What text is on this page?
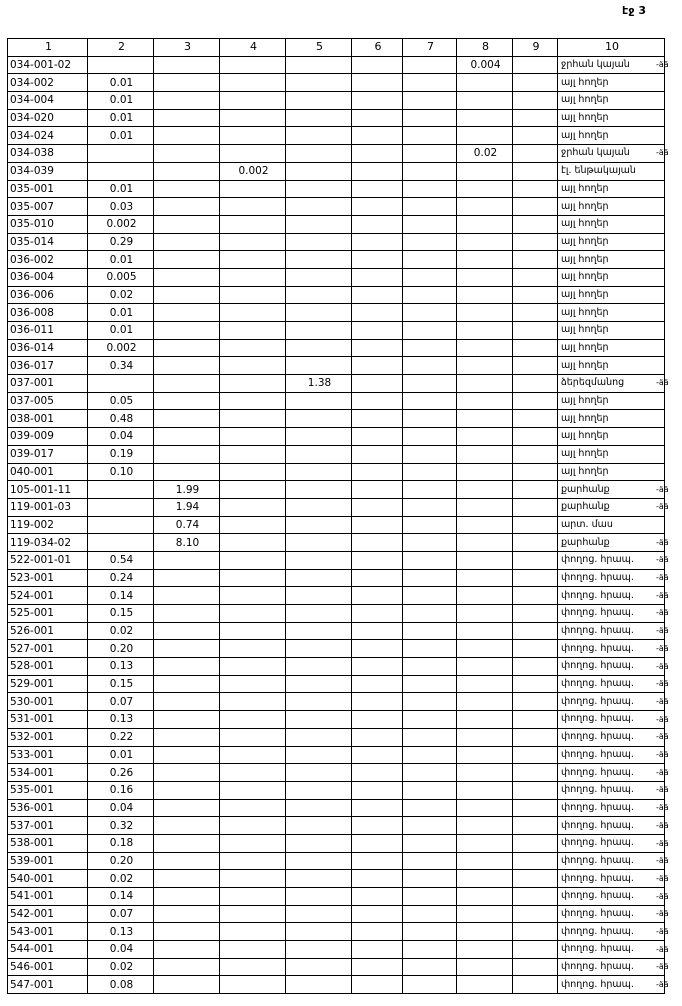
էջ 3
1	2	3	4	5	6	7	8	9	10
034-001-02							0.004		ջրհան կայան
034-002	0.01								այլ հողեր
034-004	0.01								այլ հողեր
034-020	0.01								այլ հողեր
034-024	0.01								այլ հողեր
034-038							0.02		ջրհան կայան
034-039			0.002						էլ. ենթակայան
035-001	0.01								այլ հողեր
035-007	0.03								այլ հողեր
035-010	0.002								այլ հողեր
035-014	0.29								այլ հողեր
036-002	0.01								այլ հողեր
036-004	0.005								այլ հողեր
036-006	0.02								այլ հողեր
036-008	0.01								այլ հողեր
036-011	0.01								այլ հողեր
036-014	0.002								այլ հողեր
036-017	0.34								այլ հողեր
037-001				1.38					ձերեզմանոց
037-005	0.05								այլ հողեր
038-001	0.48								այլ հողեր
039-009	0.04								այլ հողեր
039-017	0.19								այլ հողեր
040-001	0.10								այլ հողեր
105-001-11		1.99							քարհանք
119-001-03		1.94							քարհանք
119-002		0.74							արտ. մաս
119-034-02		8.10							քարհանք
522-001-01	0.54								փողոց. հրապ.
523-001	0.24								փողոց. հրապ.
524-001	0.14								փողոց. հրապ.
525-001	0.15								փողոց. հրապ.
526-001	0.02								փողոց. հրապ.
527-001	0.20								փողոց. հրապ.
528-001	0.13								փողոց. հրապ.
529-001	0.15								փողոց. հրապ.
530-001	0.07								փողոց. հրապ.
531-001	0.13								փողոց. հրապ.
532-001	0.22								փողոց. հրապ.
533-001	0.01								փողոց. հրապ.
534-001	0.26								փողոց. հրապ.
535-001	0.16								փողոց. հրապ.
536-001	0.04								փողոց. հրապ.
537-001	0.32								փողոց. հրապ.
538-001	0.18								փողոց. հրապ.
539-001	0.20								փողոց. հրապ.
540-001	0.02								փողոց. հրապ.
541-001	0.14								փողոց. հրապ.
542-001	0.07								փողոց. հրապ.
543-001	0.13								փողոց. հրապ.
544-001	0.04								փողոց. հրապ.
546-001	0.02								փողոց. հրապ.
547-001	0.08								փողոց. հրապ.
-ää
-ää
-ää
-ää
-ää
-ää
-ää
-ää
-ää
-ää
-ää
-ää
-ää
-ää
-ää
-ää
-ää
-ää
-ää
-ää
-ää
-ää
-ää
-ää
-ää
-ää
-ää
-ää
-ää
-ää
-ää
